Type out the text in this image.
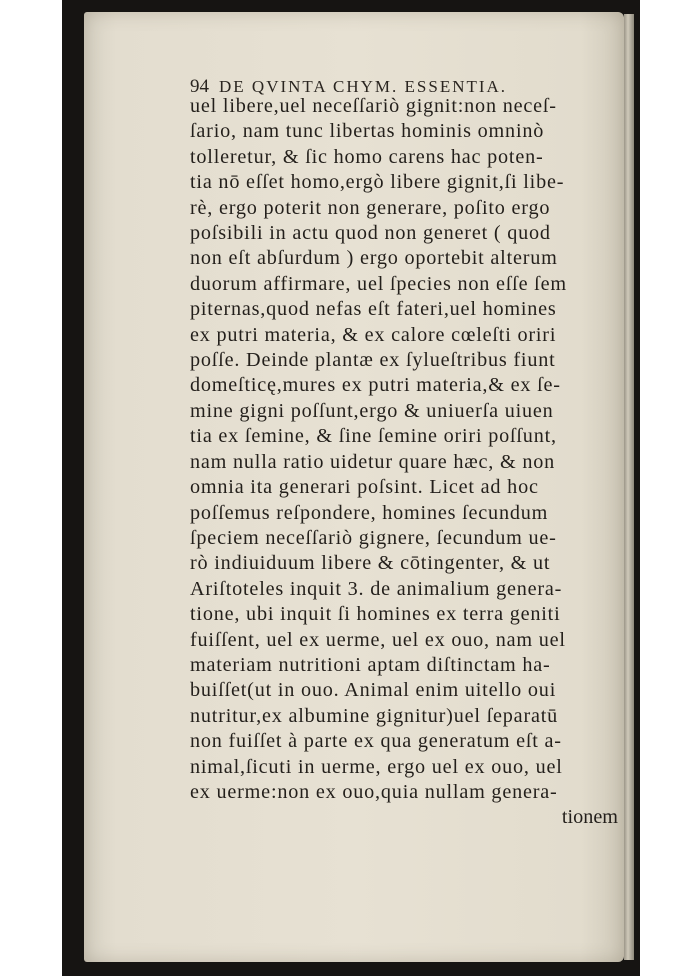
94 DE QVINTA CHYM. ESSENTIA.
uel libere,uel neceſſariò gignit:non neceſ-
ſario, nam tunc libertas hominis omninò
tolleretur, & ſic homo carens hac poten-
tia nō eſſet homo,ergò libere gignit,ſi libe-
rè, ergo poterit non generare, poſito ergo
poſsibili in actu quod non generet ( quod
non eſt abſurdum ) ergo oportebit alterum
duorum affirmare, uel ſpecies non eſſe ſem
piternas,quod nefas eſt fateri,uel homines
ex putri materia, & ex calore cœleſti oriri
poſſe. Deinde plantæ ex ſylueſtribus fiunt
domeſticę,mures ex putri materia,& ex ſe-
mine gigni poſſunt,ergo & uniuerſa uiuen
tia ex ſemine, & ſine ſemine oriri poſſunt,
nam nulla ratio uidetur quare hæc, & non
omnia ita generari poſsint. Licet ad hoc
poſſemus reſpondere, homines ſecundum
ſpeciem neceſſariò gignere, ſecundum ue-
rò indiuiduum libere & cōtingenter, & ut
Ariſtoteles inquit 3. de animalium genera-
tione, ubi inquit ſi homines ex terra geniti
fuiſſent, uel ex uerme, uel ex ouo, nam uel
materiam nutritioni aptam diſtinctam ha-
buiſſet(ut in ouo. Animal enim uitello oui
nutritur,ex albumine gignitur)uel ſeparatū
non fuiſſet à parte ex qua generatum eſt a-
nimal,ſicuti in uerme, ergo uel ex ouo, uel
ex uerme:non ex ouo,quia nullam genera-
tionem
